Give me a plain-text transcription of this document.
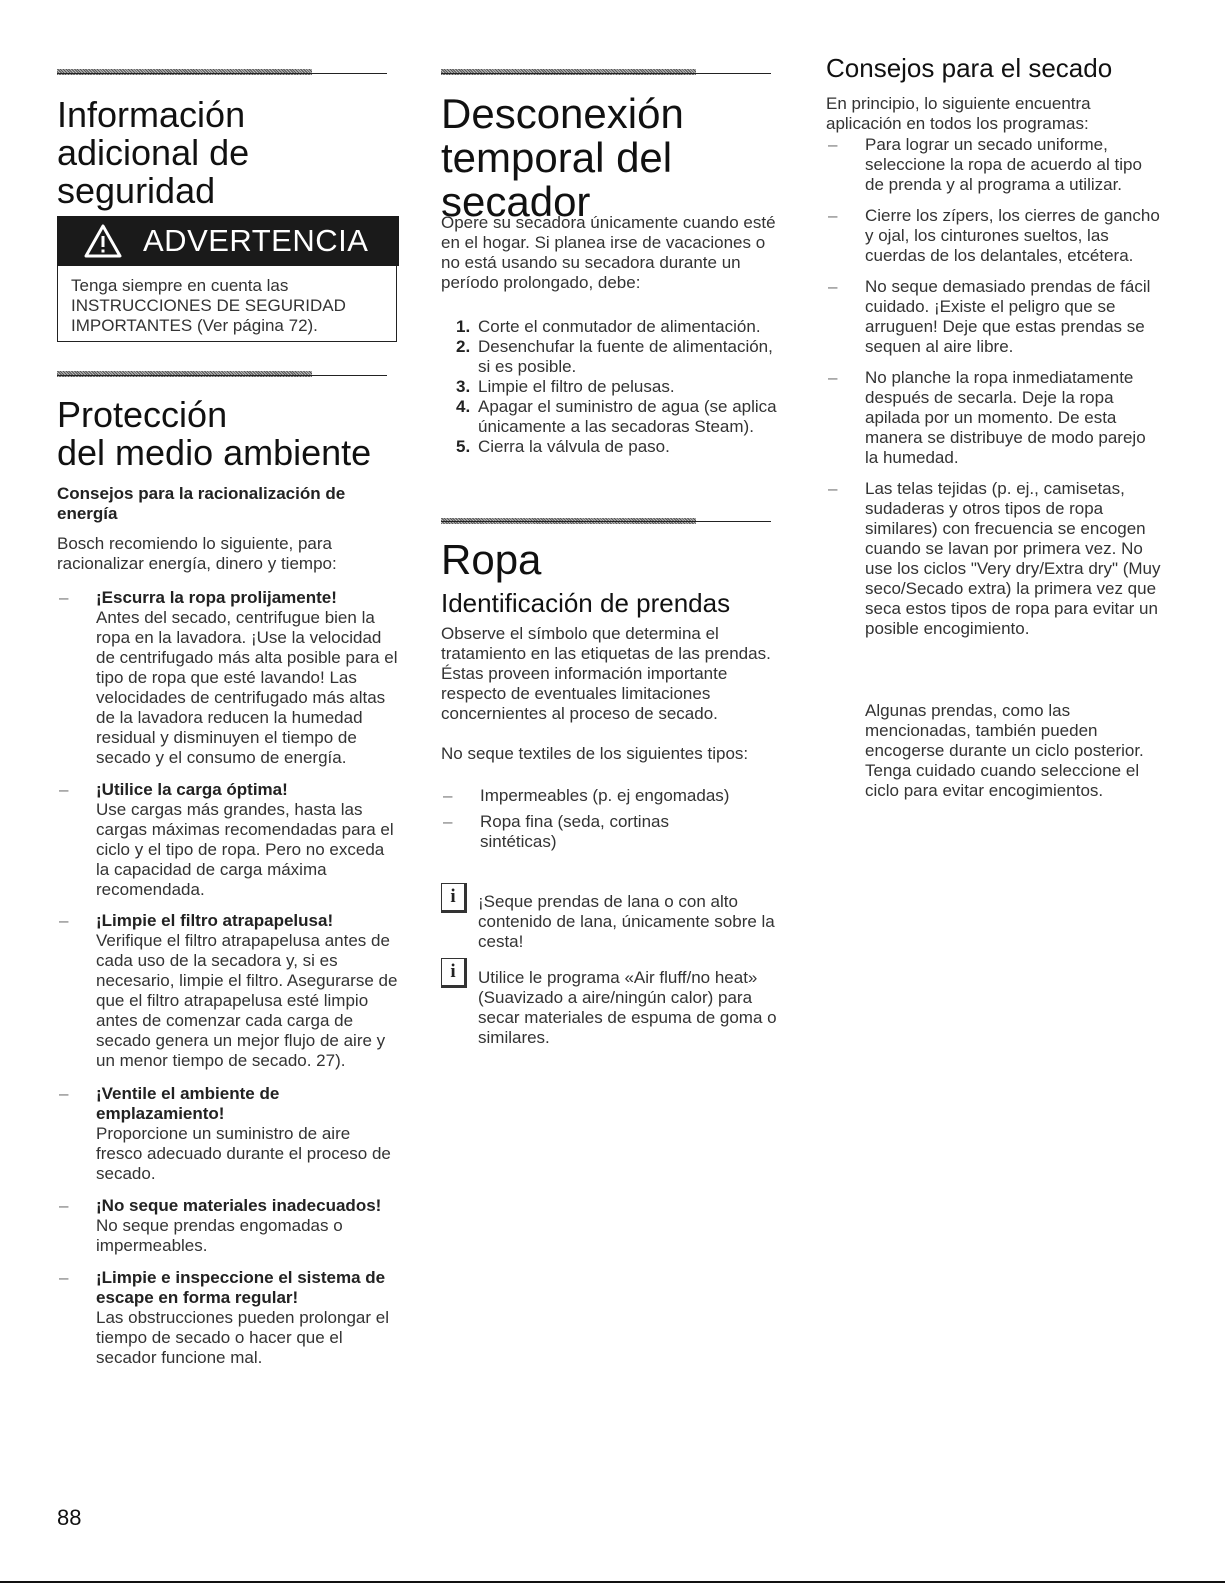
Información adicional de seguridad
ADVERTENCIA

Tenga siempre en cuenta las INSTRUCCIONES DE SEGURIDAD IMPORTANTES (Ver página 72).

Protección
del medio ambiente
Consejos para la racionalización de energía

Bosch recomiendo lo siguiente, para racionalizar energía, dinero y tiempo:

– ¡Escurra la ropa prolijamente!
Antes del secado, centrifugue bien la ropa en la lavadora. ¡Use la velocidad de centrifugado más alta posible para el tipo de ropa que esté lavando! Las velocidades de centrifugado más altas de la lavadora reducen la humedad residual y disminuyen el tiempo de secado y el consumo de energía.
– ¡Utilice la carga óptima!
Use cargas más grandes, hasta las cargas máximas recomendadas para el ciclo y el tipo de ropa. Pero no exceda la capacidad de carga máxima recomendada.
– ¡Limpie el filtro atrapapelusa!
Verifique el filtro atrapapelusa antes de cada uso de la secadora y, si es necesario, limpie el filtro. Asegurarse de que el filtro atrapapelusa esté limpio antes de comenzar cada carga de secado genera un mejor flujo de aire y un menor tiempo de secado. 27).
– ¡Ventile el ambiente de emplazamiento!
Proporcione un suministro de aire fresco adecuado durante el proceso de secado.
– ¡No seque materiales inadecuados!
No seque prendas engomadas o impermeables.
– ¡Limpie e inspeccione el sistema de escape en forma regular!
Las obstrucciones pueden prolongar el tiempo de secado o hacer que el secador funcione mal.
Desconexión temporal del secador

Opere su secadora únicamente cuando esté en el hogar. Si planea irse de vacaciones o no está usando su secadora durante un período prolongado, debe:

1. Corte el conmutador de alimentación.
2. Desenchufar la fuente de alimentación, si es posible.
3. Limpie el filtro de pelusas.
4. Apagar el suministro de agua (se aplica únicamente a las secadoras Steam).
5. Cierra la válvula de paso.
Ropa
Identificación de prendas

Observe el símbolo que determina el tratamiento en las etiquetas de las prendas. Éstas proveen información importante respecto de eventuales limitaciones concernientes al proceso de secado.

No seque textiles de los siguientes tipos:

– Impermeables (p. ej engomadas)
– Ropa fina (seda, cortinas sintéticas)
i	¡Seque prendas de lana o con alto contenido de lana, únicamente sobre la cesta!

i	Utilice le programa «Air fluff/no heat» (Suavizado a aire/ningún calor) para secar materiales de espuma de goma o similares.

Consejos para el secado

En principio, lo siguiente encuentra aplicación en todos los programas:

– Para lograr un secado uniforme, seleccione la ropa de acuerdo al tipo de prenda y al programa a utilizar.
– Cierre los zípers, los cierres de gancho y ojal, los cinturones sueltos, las cuerdas de los delantales, etcétera.
– No seque demasiado prendas de fácil cuidado. ¡Existe el peligro que se arruguen! Deje que estas prendas se sequen al aire libre.
– No planche la ropa inmediatamente después de secarla. Deje la ropa apilada por un momento. De esta manera se distribuye de modo parejo la humedad.
– Las telas tejidas (p. ej., camisetas, sudaderas y otros tipos de ropa similares) con frecuencia se encogen cuando se lavan por primera vez. No use los ciclos "Very dry/Extra dry" (Muy seco/Secado extra) la primera vez que seca estos tipos de ropa para evitar un posible encogimiento.

Algunas prendas, como las mencionadas, también pueden encogerse durante un ciclo posterior. Tenga cuidado cuando seleccione el ciclo para evitar encogimientos.

88
